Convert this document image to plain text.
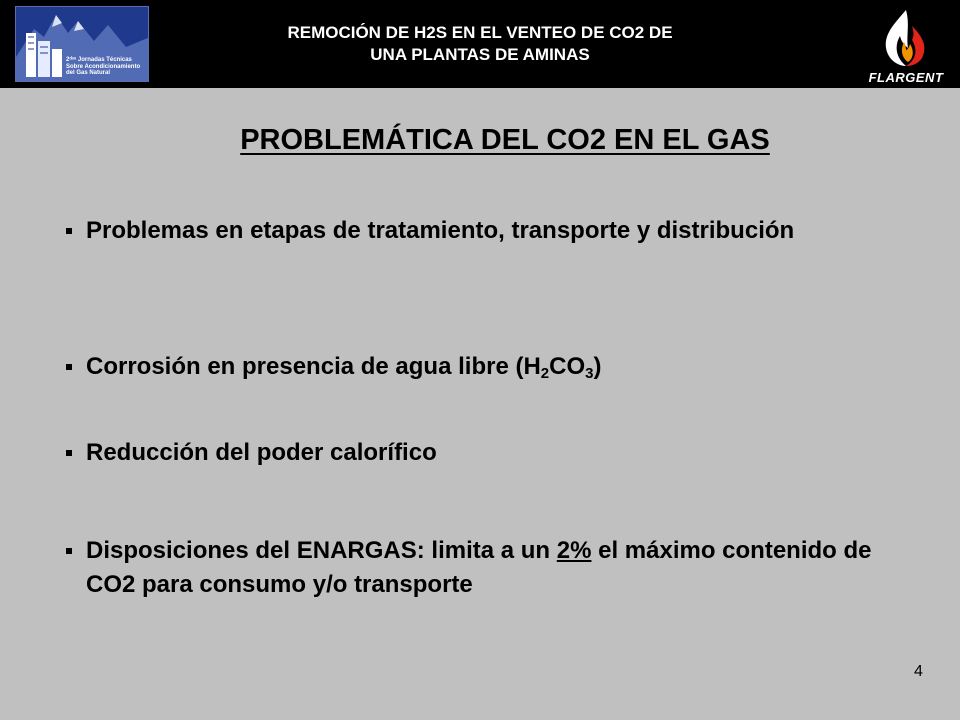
2ᵈᵃˢ Jornadas Técnicas
Sobre Acondicionamiento
del Gas Natural
REMOCIÓN DE H2S EN EL VENTEO DE CO2 DE
UNA PLANTAS DE AMINAS
FLARGENT
PROBLEMÁTICA DEL CO2 EN EL GAS
Problemas en etapas de tratamiento, transporte y distribución
Corrosión en presencia de agua libre $(H_2CO_3)$
Reducción del poder calorífico
Disposiciones del ENARGAS: limita a un 2% el máximo contenido de CO2 para consumo y/o transporte
4
